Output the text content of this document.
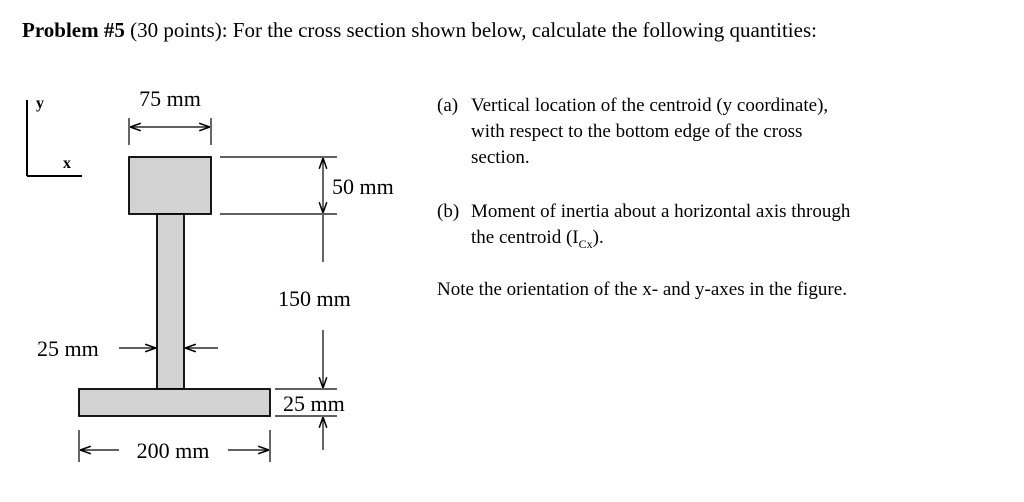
Problem #5 (30 points): For the cross section shown below, calculate the following quantities:
y
x
75 mm
50 mm
150 mm
25 mm
25 mm
200 mm
(a) Vertical location of the centroid (y coordinate),
with respect to the bottom edge of the cross
section.
(b) Moment of inertia about a horizontal axis through
the centroid $(I_{Cx})$.
Note the orientation of the x- and y-axes in the figure.
